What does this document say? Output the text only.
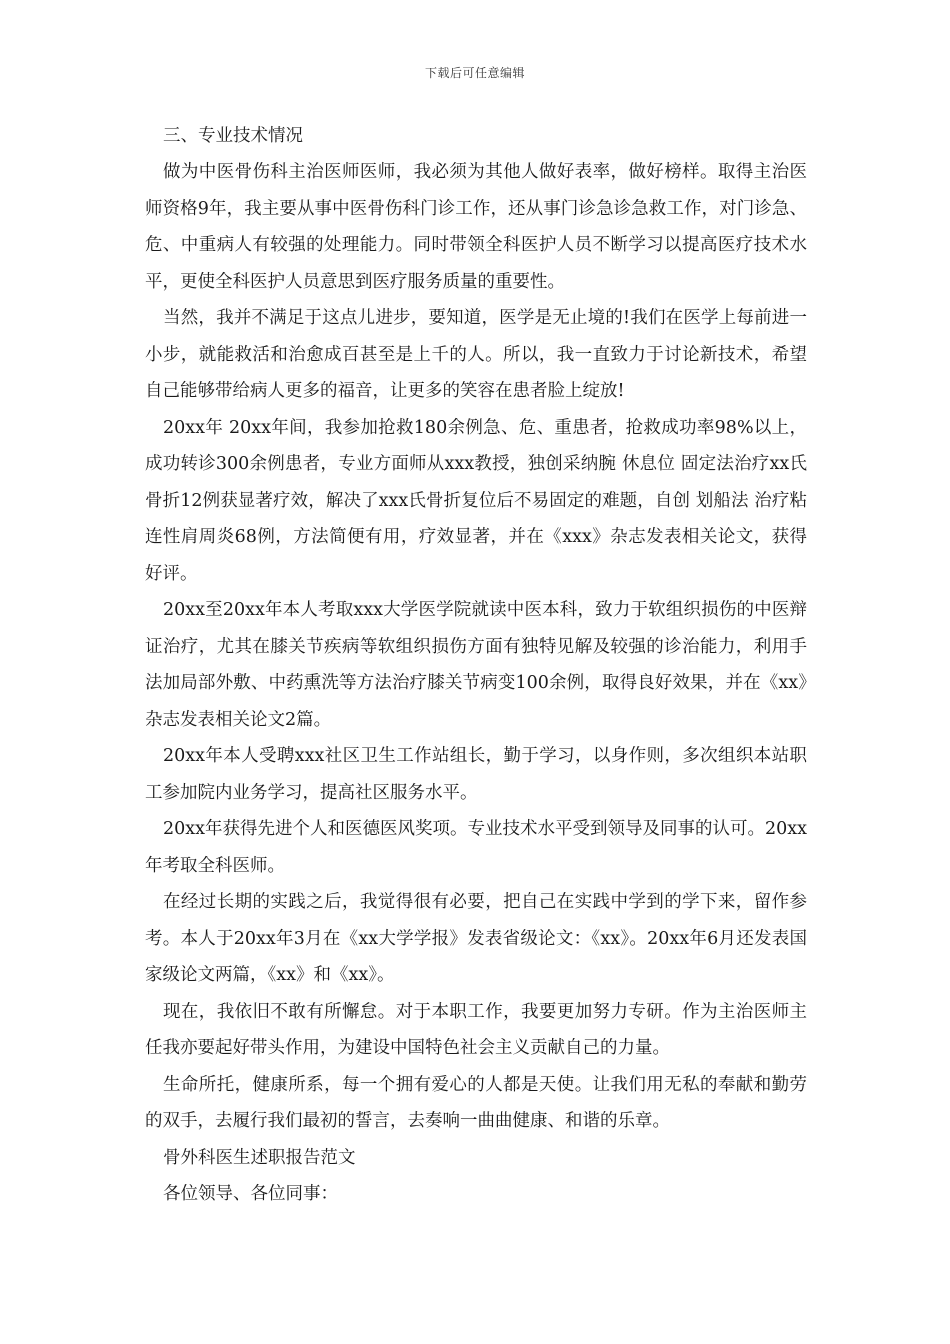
下载后可任意编辑

三、专业技术情况

做为中医骨伤科主治医师医师，我必须为其他人做好表率，做好榜样。取得主治医师资格9年，我主要从事中医骨伤科门诊工作，还从事门诊急诊急救工作，对门诊急、危、中重病人有较强的处理能力。同时带领全科医护人员不断学习以提高医疗技术水平，更使全科医护人员意思到医疗服务质量的重要性。

当然，我并不满足于这点儿进步，要知道，医学是无止境的!我们在医学上每前进一小步，就能救活和治愈成百甚至是上千的人。所以，我一直致力于讨论新技术，希望自己能够带给病人更多的福音，让更多的笑容在患者脸上绽放!

20xx年 20xx年间，我参加抢救180余例急、危、重患者，抢救成功率98%以上，成功转诊300余例患者，专业方面师从xxx教授，独创采纳腕 休息位 固定法治疗xx氏骨折12例获显著疗效，解决了xxx氏骨折复位后不易固定的难题，自创 划船法 治疗粘连性肩周炎68例，方法简便有用，疗效显著，并在《xxx》杂志发表相关论文，获得好评。

20xx至20xx年本人考取xxx大学医学院就读中医本科，致力于软组织损伤的中医辩证治疗，尤其在膝关节疾病等软组织损伤方面有独特见解及较强的诊治能力，利用手法加局部外敷、中药熏洗等方法治疗膝关节病变100余例，取得良好效果，并在《xx》杂志发表相关论文2篇。

20xx年本人受聘xxx社区卫生工作站组长，勤于学习，以身作则，多次组织本站职工参加院内业务学习，提高社区服务水平。

20xx年获得先进个人和医德医风奖项。专业技术水平受到领导及同事的认可。20xx年考取全科医师。

在经过长期的实践之后，我觉得很有必要，把自己在实践中学到的学下来，留作参考。本人于20xx年3月在《xx大学学报》发表省级论文：《xx》。20xx年6月还发表国家级论文两篇，《xx》和《xx》。

现在，我依旧不敢有所懈怠。对于本职工作，我要更加努力专研。作为主治医师主任我亦要起好带头作用，为建设中国特色社会主义贡献自己的力量。

生命所托，健康所系，每一个拥有爱心的人都是天使。让我们用无私的奉献和勤劳的双手，去履行我们最初的誓言，去奏响一曲曲健康、和谐的乐章。

骨外科医生述职报告范文

各位领导、各位同事：
